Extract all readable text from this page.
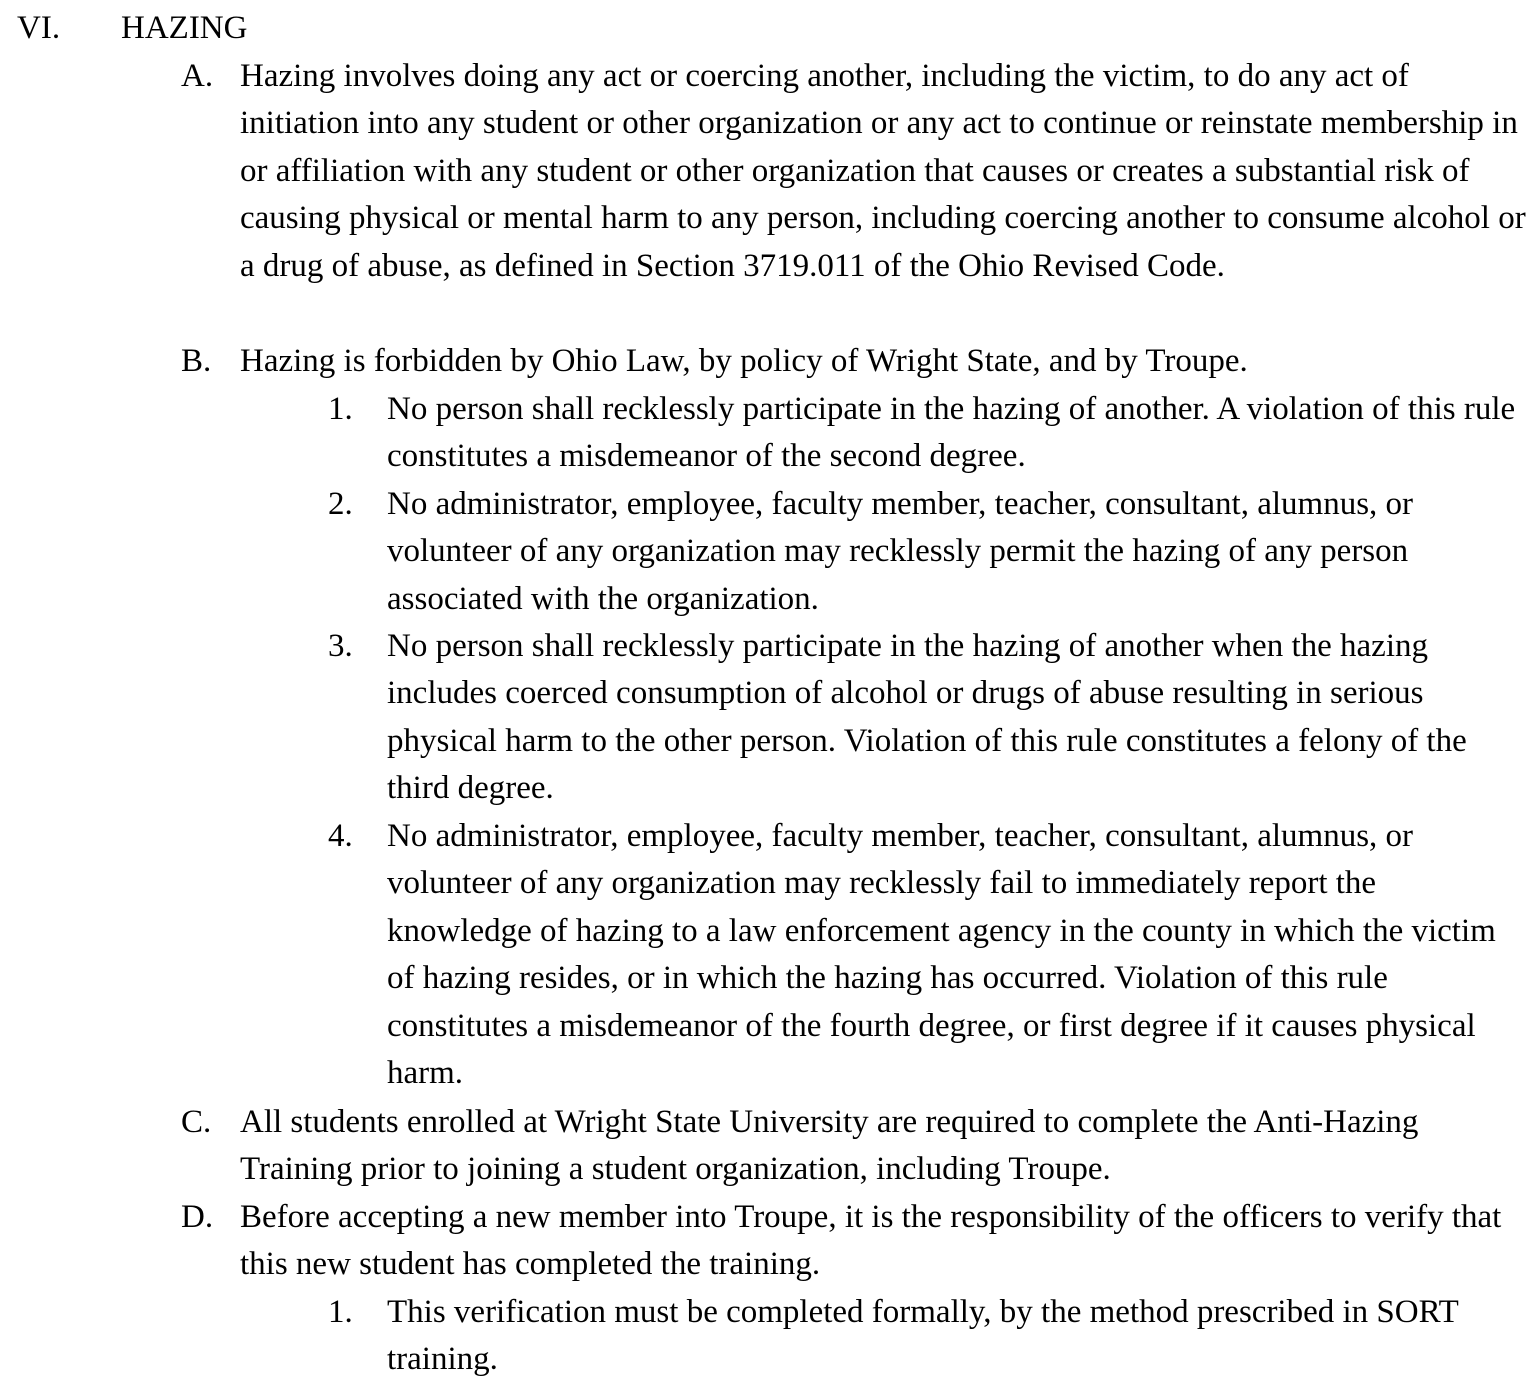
VI. HAZING
A. Hazing involves doing any act or coercing another, including the victim, to do any act of initiation into any student or other organization or any act to continue or reinstate membership in or affiliation with any student or other organization that causes or creates a substantial risk of causing physical or mental harm to any person, including coercing another to consume alcohol or a drug of abuse, as defined in Section 3719.011 of the Ohio Revised Code.
B. Hazing is forbidden by Ohio Law, by policy of Wright State, and by Troupe.
1. No person shall recklessly participate in the hazing of another. A violation of this rule constitutes a misdemeanor of the second degree.
2. No administrator, employee, faculty member, teacher, consultant, alumnus, or volunteer of any organization may recklessly permit the hazing of any person associated with the organization.
3. No person shall recklessly participate in the hazing of another when the hazing includes coerced consumption of alcohol or drugs of abuse resulting in serious physical harm to the other person. Violation of this rule constitutes a felony of the third degree.
4. No administrator, employee, faculty member, teacher, consultant, alumnus, or volunteer of any organization may recklessly fail to immediately report the knowledge of hazing to a law enforcement agency in the county in which the victim of hazing resides, or in which the hazing has occurred. Violation of this rule constitutes a misdemeanor of the fourth degree, or first degree if it causes physical harm.
C. All students enrolled at Wright State University are required to complete the Anti-Hazing Training prior to joining a student organization, including Troupe.
D. Before accepting a new member into Troupe, it is the responsibility of the officers to verify that this new student has completed the training.
1. This verification must be completed formally, by the method prescribed in SORT training.
